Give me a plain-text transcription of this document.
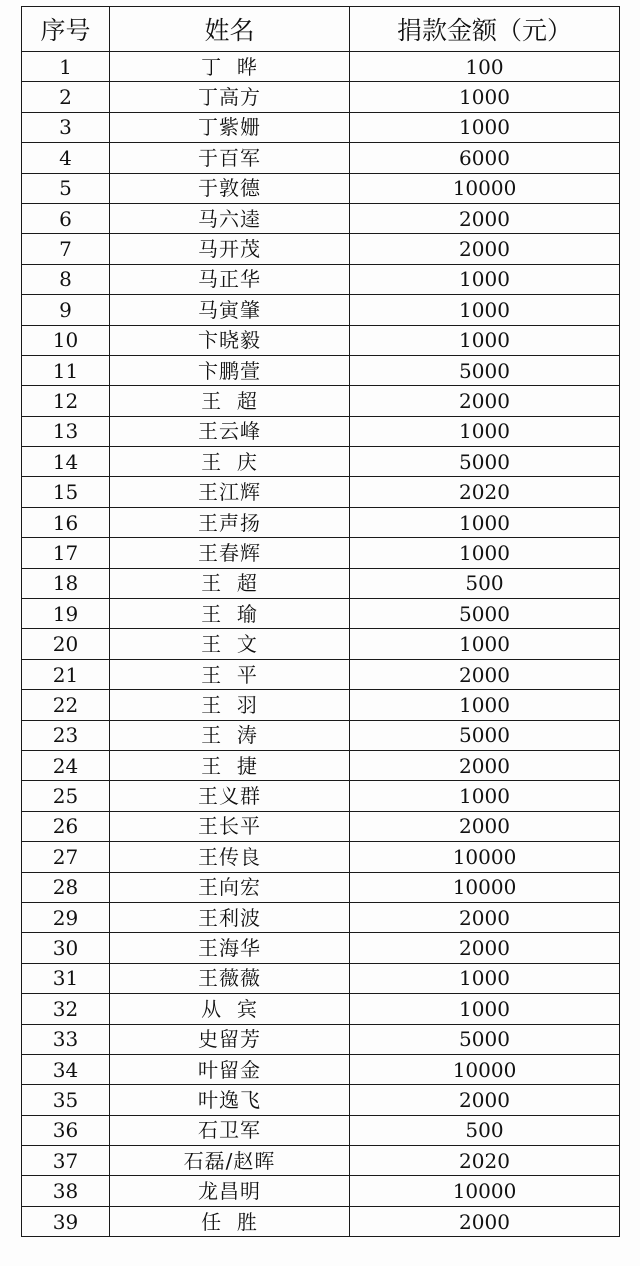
序号	姓名	捐款金额（元）
1	丁  晔	100
2	丁高方	1000
3	丁紫姗	1000
4	于百军	6000
5	于敦德	10000
6	马六逵	2000
7	马开茂	2000
8	马正华	1000
9	马寅肇	1000
10	卞晓毅	1000
11	卞鹏萱	5000
12	王  超	2000
13	王云峰	1000
14	王  庆	5000
15	王江辉	2020
16	王声扬	1000
17	王春辉	1000
18	王  超	500
19	王  瑜	5000
20	王  文	1000
21	王  平	2000
22	王  羽	1000
23	王  涛	5000
24	王  捷	2000
25	王义群	1000
26	王长平	2000
27	王传良	10000
28	王向宏	10000
29	王利波	2000
30	王海华	2000
31	王薇薇	1000
32	从  宾	1000
33	史留芳	5000
34	叶留金	10000
35	叶逸飞	2000
36	石卫军	500
37	石磊/赵晖	2020
38	龙昌明	10000
39	任  胜	2000
